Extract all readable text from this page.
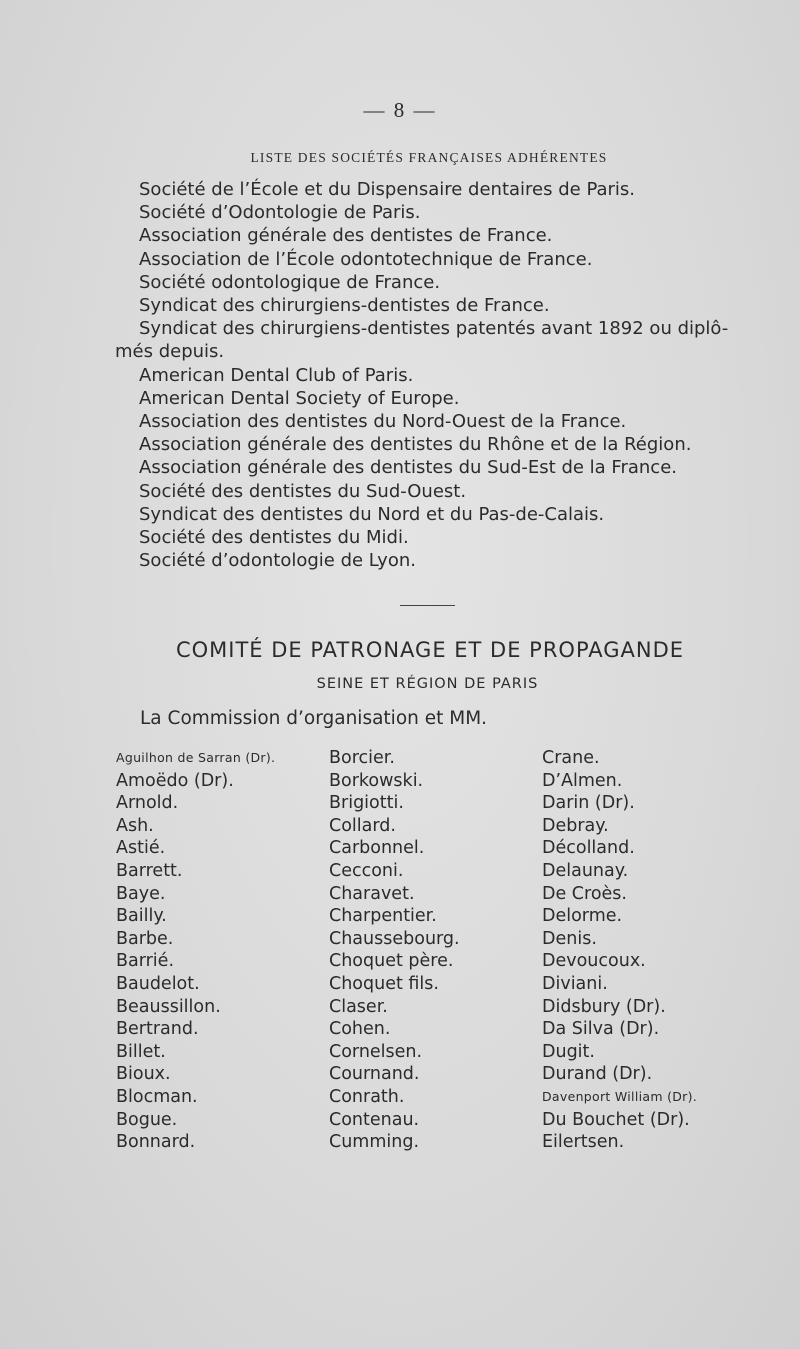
— 8 —
LISTE DES SOCIÉTÉS FRANÇAISES ADHÉRENTES
Société de l’École et du Dispensaire dentaires de Paris.
Société d’Odontologie de Paris.
Association générale des dentistes de France.
Association de l’École odontotechnique de France.
Société odontologique de France.
Syndicat des chirurgiens-dentistes de France.
Syndicat des chirurgiens-dentistes patentés avant 1892 ou diplô-
més depuis.
American Dental Club of Paris.
American Dental Society of Europe.
Association des dentistes du Nord-Ouest de la France.
Association générale des dentistes du Rhône et de la Région.
Association générale des dentistes du Sud-Est de la France.
Société des dentistes du Sud-Ouest.
Syndicat des dentistes du Nord et du Pas-de-Calais.
Société des dentistes du Midi.
Société d’odontologie de Lyon.
COMITÉ DE PATRONAGE ET DE PROPAGANDE
SEINE ET RÉGION DE PARIS
La Commission d’organisation et MM.
Aguilhon de Sarran (Dr).
Amoëdo (Dr).
Arnold.
Ash.
Astié.
Barrett.
Baye.
Bailly.
Barbe.
Barrié.
Baudelot.
Beaussillon.
Bertrand.
Billet.
Bioux.
Blocman.
Bogue.
Bonnard.
Borcier.
Borkowski.
Brigiotti.
Collard.
Carbonnel.
Cecconi.
Charavet.
Charpentier.
Chaussebourg.
Choquet père.
Choquet fils.
Claser.
Cohen.
Cornelsen.
Cournand.
Conrath.
Contenau.
Cumming.
Crane.
D’Almen.
Darin (Dr).
Debray.
Décolland.
Delaunay.
De Croès.
Delorme.
Denis.
Devoucoux.
Diviani.
Didsbury (Dr).
Da Silva (Dr).
Dugit.
Durand (Dr).
Davenport William (Dr).
Du Bouchet (Dr).
Eilertsen.
